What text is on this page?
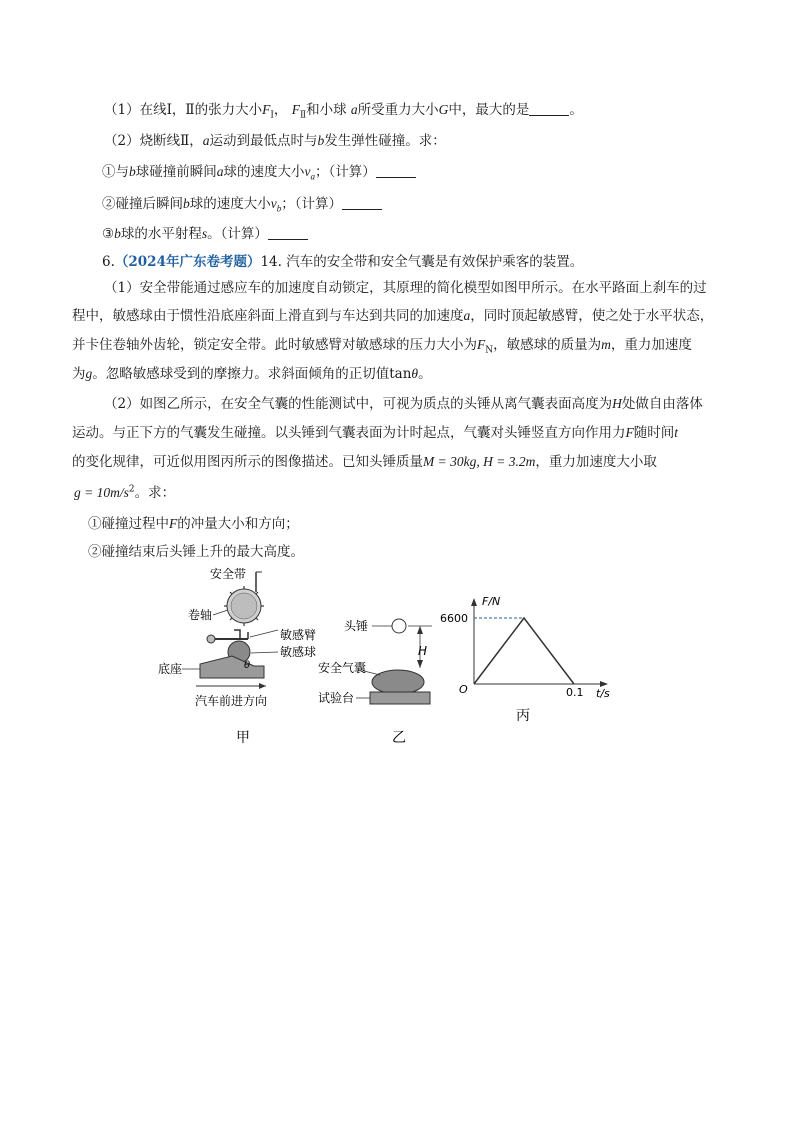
（1）在线Ⅰ，Ⅱ的张力大小$F_Ⅰ$， $F_Ⅱ$和小球 a所受重力大小G中，最大的是	。
（2）烧断线Ⅱ，a运动到最低点时与b发生弹性碰撞。求：
①与b球碰撞前瞬间a球的速度大小$v_a$；（计算）
②碰撞后瞬间b球的速度大小$v_b$；（计算）
③b球的水平射程s。（计算）
6.（2024年广东卷考题）14. 汽车的安全带和安全气囊是有效保护乘客的装置。
（1）安全带能通过感应车的加速度自动锁定，其原理的简化模型如图甲所示。在水平路面上刹车的过
程中，敏感球由于惯性沿底座斜面上滑直到与车达到共同的加速度a，同时顶起敏感臂，使之处于水平状态，
并卡住卷轴外齿轮，锁定安全带。此时敏感臂对敏感球的压力大小为$F_N$，敏感球的质量为m，重力加速度
为g。忽略敏感球受到的摩擦力。求斜面倾角的正切值tanθ。
（2）如图乙所示，在安全气囊的性能测试中，可视为质点的头锤从离气囊表面高度为H处做自由落体
运动。与正下方的气囊发生碰撞。以头锤到气囊表面为计时起点，气囊对头锤竖直方向作用力F随时间t
的变化规律，可近似用图丙所示的图像描述。已知头锤质量M = 30kg, H = 3.2m，重力加速度大小取
$g = 10m/s^2$。求：
①碰撞过程中F的冲量大小和方向；
②碰撞结束后头锤上升的最大高度。
安全带
卷轴
敏感臂
敏感球
θ
底座
汽车前进方向
甲
头锤
H
安全气囊
试验台
乙
F/N
t/s
O
6600
0.1
丙
